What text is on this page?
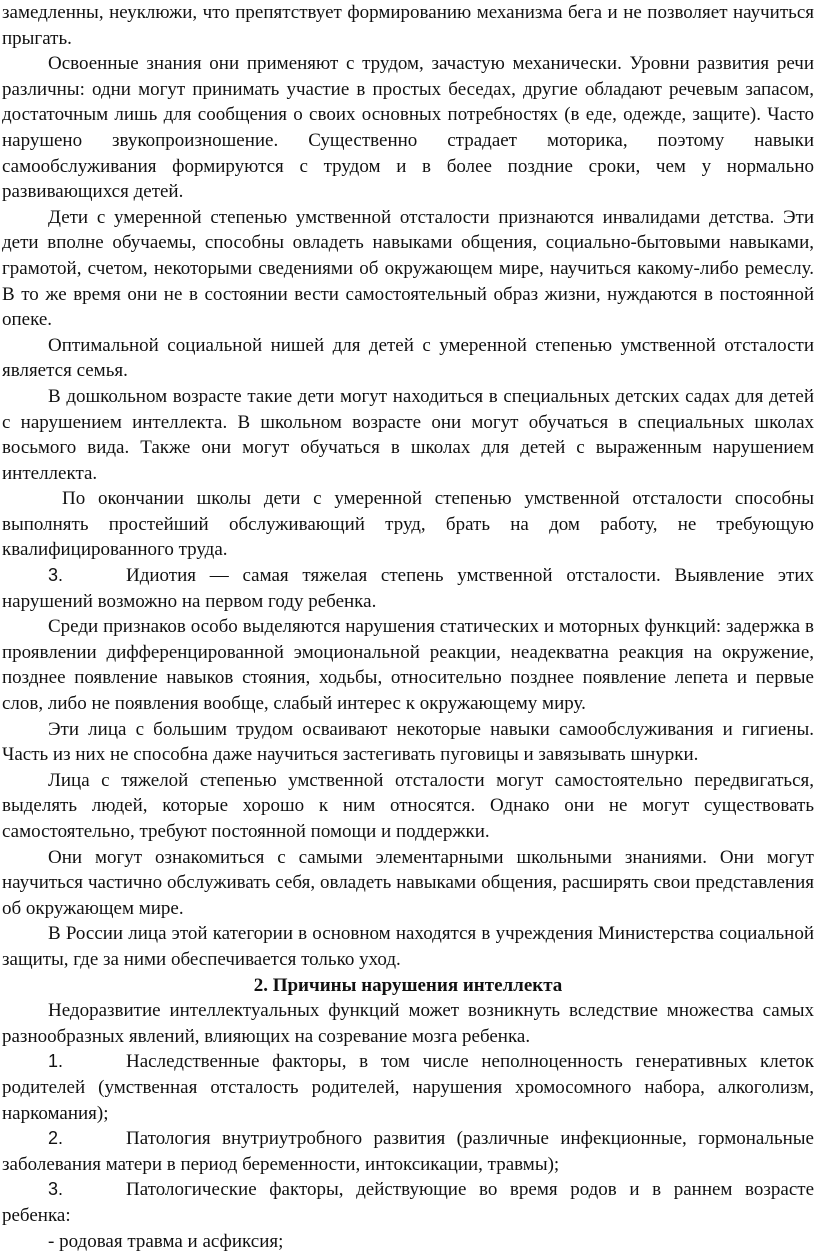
замедленны, неуклюжи, что препятствует формированию механизма бега и не позволяет научиться прыгать.

Освоенные знания они применяют с трудом, зачастую механически. Уровни развития речи различны: одни могут принимать участие в простых беседах, другие обладают речевым запасом, достаточным лишь для сообщения о своих основных потребностях (в еде, одежде, защите). Часто нарушено звукопроизношение. Существенно страдает моторика, поэтому навыки самообслуживания формируются с трудом и в более поздние сроки, чем у нормально развивающихся детей.

Дети с умеренной степенью умственной отсталости признаются инвалидами детства. Эти дети вполне обучаемы, способны овладеть навыками общения, социально-бытовыми навыками, грамотой, счетом, некоторыми сведениями об окружающем мире, научиться какому-либо ремеслу. В то же время они не в состоянии вести самостоятельный образ жизни, нуждаются в постоянной опеке.

Оптимальной социальной нишей для детей с умеренной степенью умственной отсталости является семья.

В дошкольном возрасте такие дети могут находиться в специальных детских садах для детей с нарушением интеллекта. В школьном возрасте они могут обучаться в специальных школах восьмого вида. Также они могут обучаться в школах для детей с выраженным нарушением интеллекта.

По окончании школы дети с умеренной степенью умственной отсталости способны выполнять простейший обслуживающий труд, брать на дом работу, не требующую квалифицированного труда.

3.	Идиотия — самая тяжелая степень умственной отсталости. Выявление этих нарушений возможно на первом году ребенка.

Среди признаков особо выделяются нарушения статических и моторных функций: задержка в проявлении дифференцированной эмоциональной реакции, неадекватна реакция на окружение, позднее появление навыков стояния, ходьбы, относительно позднее появление лепета и первые слов, либо не появления вообще, слабый интерес к окружающему миру.

Эти лица с большим трудом осваивают некоторые навыки самообслуживания и гигиены. Часть из них не способна даже научиться застегивать пуговицы и завязывать шнурки.

Лица с тяжелой степенью умственной отсталости могут самостоятельно передвигаться, выделять людей, которые хорошо к ним относятся. Однако они не могут существовать самостоятельно, требуют постоянной помощи и поддержки.

Они могут ознакомиться с самыми элементарными школьными знаниями. Они могут научиться частично обслуживать себя, овладеть навыками общения, расширять свои представления об окружающем мире.

В России лица этой категории в основном находятся в учреждения Министерства социальной защиты, где за ними обеспечивается только уход.

2. Причины нарушения интеллекта

Недоразвитие интеллектуальных функций может возникнуть вследствие множества самых разнообразных явлений, влияющих на созревание мозга ребенка.

1.	Наследственные факторы, в том числе неполноценность генеративных клеток родителей (умственная отсталость родителей, нарушения хромосомного набора, алкоголизм, наркомания);

2.	Патология внутриутробного развития (различные инфекционные, гормональные заболевания матери в период беременности, интоксикации, травмы);

3.	Патологические факторы, действующие во время родов и в раннем возрасте ребенка:

- родовая травма и асфиксия;
